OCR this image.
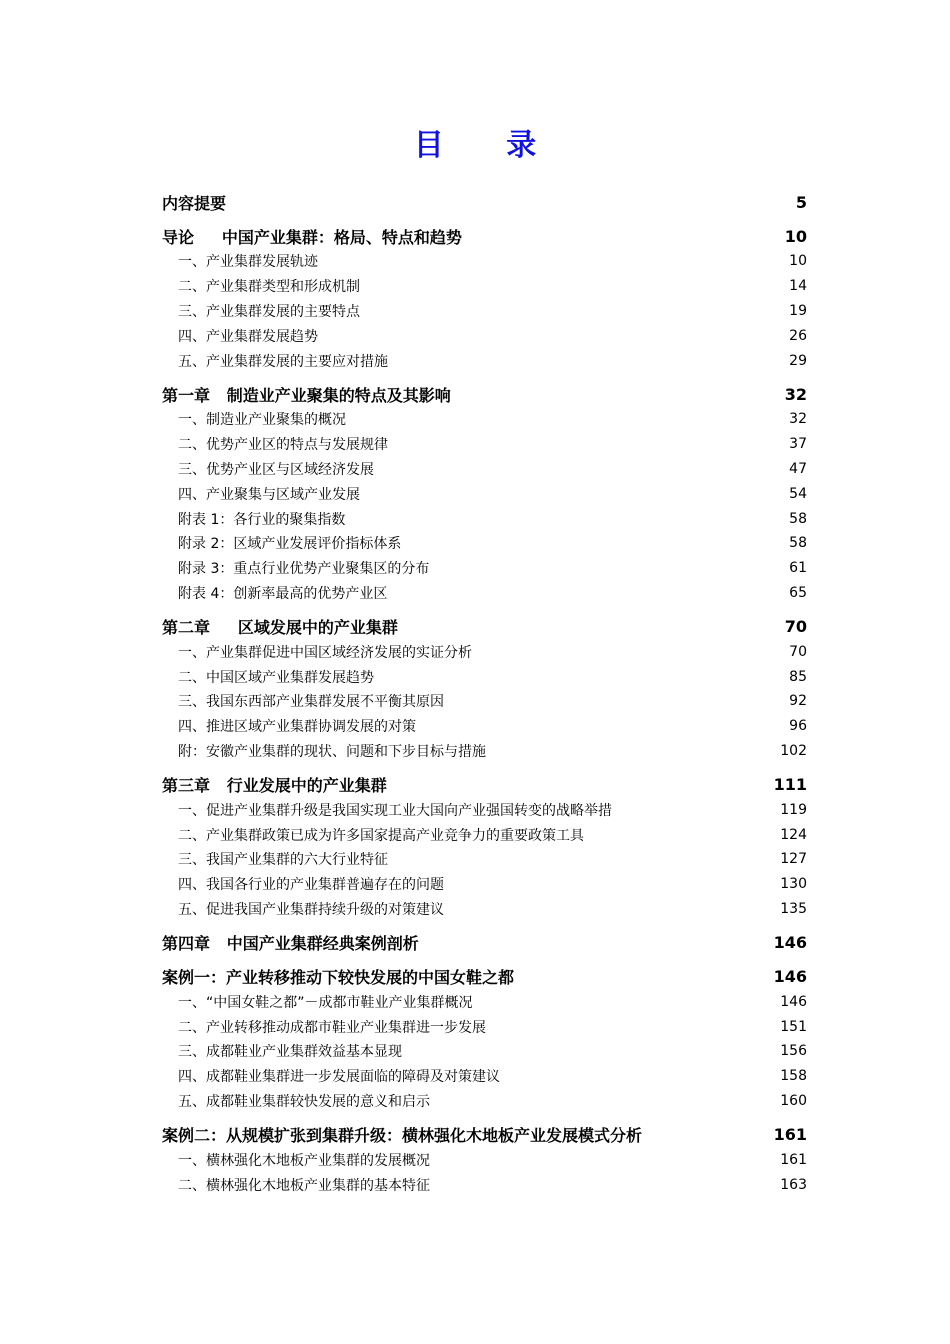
目 录
内容提要	5
导论     中国产业集群：格局、特点和趋势	10
一、产业集群发展轨迹	10
二、产业集群类型和形成机制	14
三、产业集群发展的主要特点	19
四、产业集群发展趋势	26
五、产业集群发展的主要应对措施	29
第一章   制造业产业聚集的特点及其影响	32
一、制造业产业聚集的概况	32
二、优势产业区的特点与发展规律	37
三、优势产业区与区域经济发展	47
四、产业聚集与区域产业发展	54
附表 1：各行业的聚集指数	58
附录 2：区域产业发展评价指标体系	58
附录 3：重点行业优势产业聚集区的分布	61
附表 4：创新率最高的优势产业区	65
第二章     区域发展中的产业集群	70
一、产业集群促进中国区域经济发展的实证分析	70
二、中国区域产业集群发展趋势	85
三、我国东西部产业集群发展不平衡其原因	92
四、推进区域产业集群协调发展的对策	96
附：安徽产业集群的现状、问题和下步目标与措施	102
第三章   行业发展中的产业集群	111
一、促进产业集群升级是我国实现工业大国向产业强国转变的战略举措	119
二、产业集群政策已成为许多国家提高产业竞争力的重要政策工具	124
三、我国产业集群的六大行业特征	127
四、我国各行业的产业集群普遍存在的问题	130
五、促进我国产业集群持续升级的对策建议	135
第四章   中国产业集群经典案例剖析	146
案例一：产业转移推动下较快发展的中国女鞋之都	146
一、“中国女鞋之都”－成都市鞋业产业集群概况	146
二、产业转移推动成都市鞋业产业集群进一步发展	151
三、成都鞋业产业集群效益基本显现	156
四、成都鞋业集群进一步发展面临的障碍及对策建议	158
五、成都鞋业集群较快发展的意义和启示	160
案例二：从规模扩张到集群升级：横林强化木地板产业发展模式分析	161
一、横林强化木地板产业集群的发展概况	161
二、横林强化木地板产业集群的基本特征	163
